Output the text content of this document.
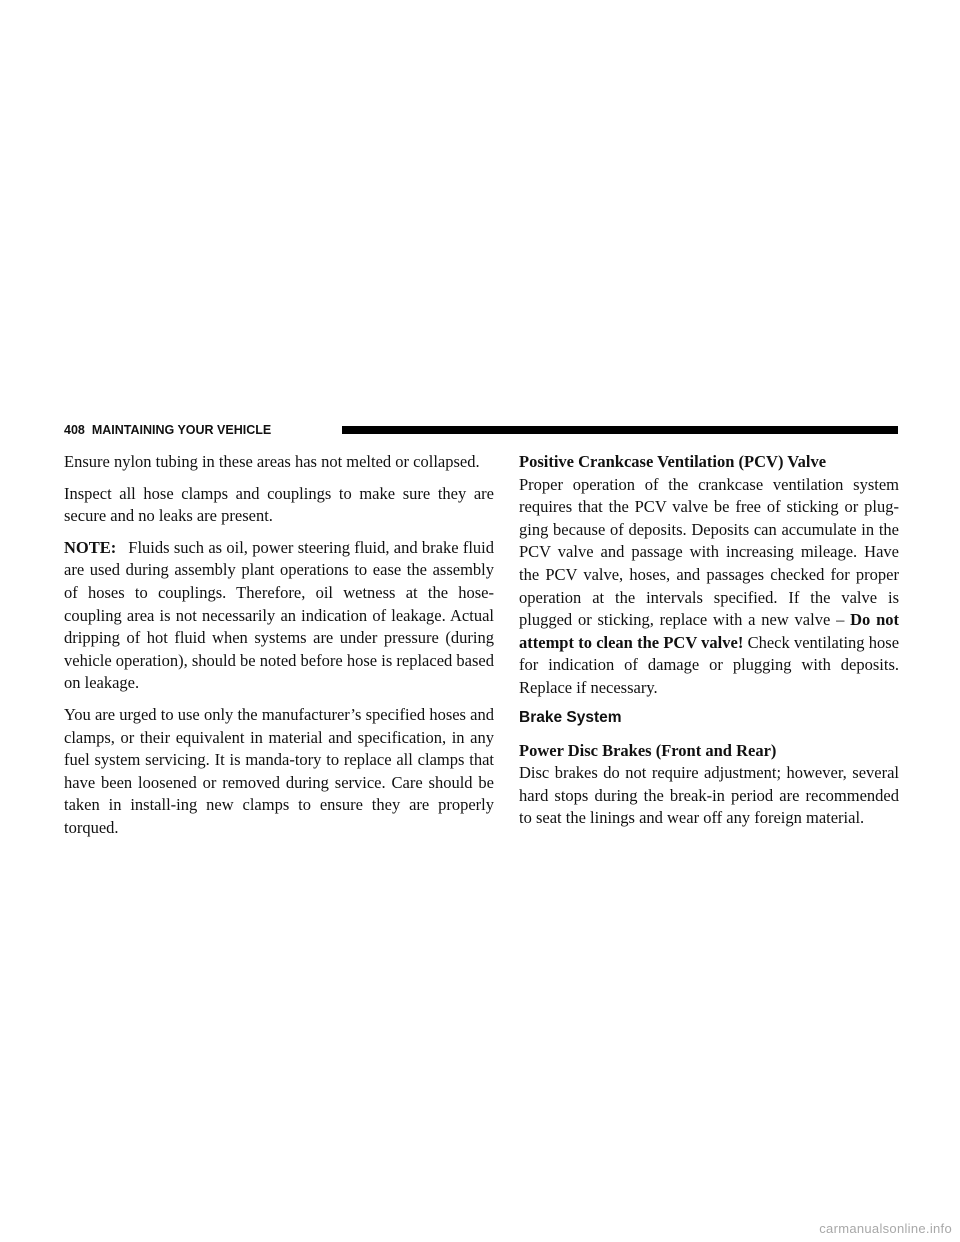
408 MAINTAINING YOUR VEHICLE

Ensure nylon tubing in these areas has not melted or collapsed.

Inspect all hose clamps and couplings to make sure they are secure and no leaks are present.

NOTE: Fluids such as oil, power steering fluid, and brake fluid are used during assembly plant operations to ease the assembly of hoses to couplings. Therefore, oil wetness at the hose-coupling area is not necessarily an indication of leakage. Actual dripping of hot fluid when systems are under pressure (during vehicle operation), should be noted before hose is replaced based on leakage.

You are urged to use only the manufacturer’s specified hoses and clamps, or their equivalent in material and specification, in any fuel system servicing. It is manda-tory to replace all clamps that have been loosened or removed during service. Care should be taken in install-ing new clamps to ensure they are properly torqued.

Positive Crankcase Ventilation (PCV) Valve

Proper operation of the crankcase ventilation system requires that the PCV valve be free of sticking or plug-ging because of deposits. Deposits can accumulate in the PCV valve and passage with increasing mileage. Have the PCV valve, hoses, and passages checked for proper operation at the intervals specified. If the valve is plugged or sticking, replace with a new valve – Do not attempt to clean the PCV valve! Check ventilating hose for indication of damage or plugging with deposits. Replace if necessary.

Brake System
Power Disc Brakes (Front and Rear)

Disc brakes do not require adjustment; however, several hard stops during the break-in period are recommended to seat the linings and wear off any foreign material.

carmanualsonline.info
